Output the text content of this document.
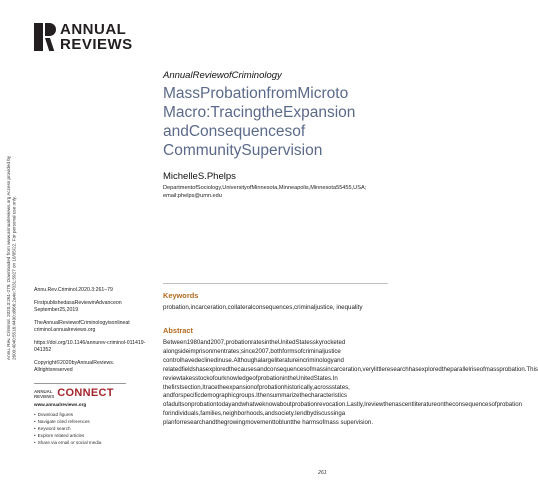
ANNUAL
REVIEWS
Annu. Rev. Criminol. 2020.3:261-279. Downloaded from www.annualreviews.org Access provided by 2600:4040:5516:4400:d866:2a4e:7031:5927 on 10/05/22. For personal use only.
AnnualReviewofCriminology
MassProbationfromMicroto Macro:TracingtheExpansion andConsequencesof CommunitySupervision
MichelleS.Phelps
DepartmentofSociology,UniversityofMinnesota,Minneapolis,Minnesota55455,USA; email:phelps@umn.edu

Annu.Rev.Criminol.2020.3:261–79

FirstpublishedasaReviewinAdvanceon September25,2019

TheAnnualReviewofCriminologyisonlineat criminol.annualreviews.org

https://doi.org/10.1146/annurev-criminol-011419-041352

Copyright©2020byAnnualReviews. Allrightsreserved

ANNUAL
REVIEWS CONNECT
www.annualreviews.org
• Download figures
• Navigate cited references
• Keyword search
• Explore related articles
• Share via email or social media
Keywords
probation,incarceration,collateralconsequences,criminaljustice, inequality
Abstract
Between1980and2007,probationratesintheUnitedStatesskyrocketed alongsideimprisonmentrates;since2007,bothformsofcriminaljustice controlhavedeclinedinuse.Althoughalargeliteratureincriminologyand relatedfieldshasexploredthecausesandconsequencesofmassincarceration,verylittleresearchhasexploredtheparallelriseofmassprobation.This reviewtakesstockofourknowledgeofprobationintheUnitedStates.In thefirstsection,Itracetheexpansionofprobationhistorically,acrossstates, andforspecificdemographicgroups.Ithensummarizethecharacteristics ofadultsonprobationtodayandwhatweknowaboutprobationrevocation.Lastly,Ireviewthenascentliteratureontheconsequencesofprobation forindividuals,families,neighborhoods,andsociety.Iendbydiscussinga planforresearchandthegrowingmovementtobluntthe harmsofmass supervision.
261
